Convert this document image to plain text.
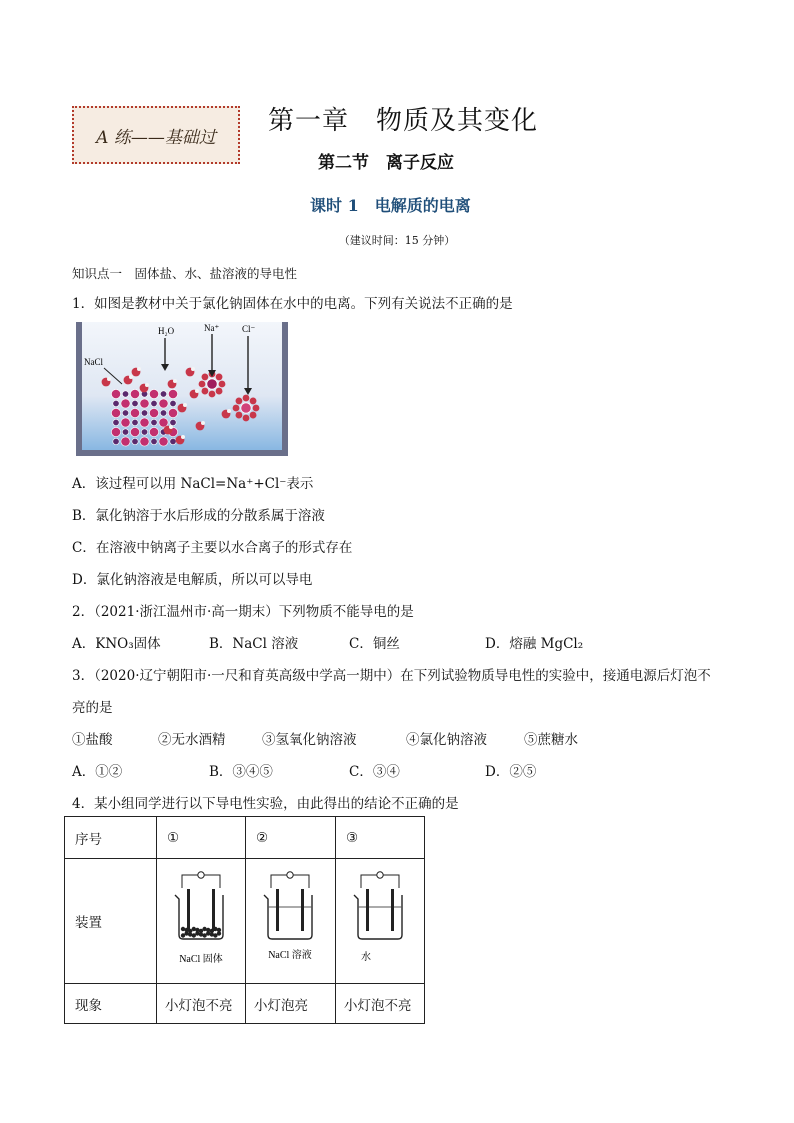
A 练——基础过
第一章　物质及其变化
第二节　离子反应
课时 1　电解质的电离
（建议时间：15 分钟）
知识点一　固体盐、水、盐溶液的导电性
1．如图是教材中关于氯化钠固体在水中的电离。下列有关说法不正确的是
NaCl
H₂O	Na⁺	Cl⁻
A．该过程可以用 NaCl=Na⁺+Cl⁻表示
B．氯化钠溶于水后形成的分散系属于溶液
C．在溶液中钠离子主要以水合离子的形式存在
D．氯化钠溶液是电解质，所以可以导电
2．（2021·浙江温州市·高一期末）下列物质不能导电的是
A．KNO₃固体	B．NaCl 溶液	C．铜丝	D．熔融 MgCl₂
3．（2020·辽宁朝阳市·一尺和育英高级中学高一期中）在下列试验物质导电性的实验中，接通电源后灯泡不
亮的是
①盐酸	②无水酒精	③氢氧化钠溶液	④氯化钠溶液	⑤蔗糖水
A．①②	B．③④⑤	C．③④	D．②⑤
4．某小组同学进行以下导电性实验，由此得出的结论不正确的是
序号	①	②	③
装置	NaCl 固体	NaCl 溶液	水

现象	小灯泡不亮	小灯泡亮	小灯泡不亮
